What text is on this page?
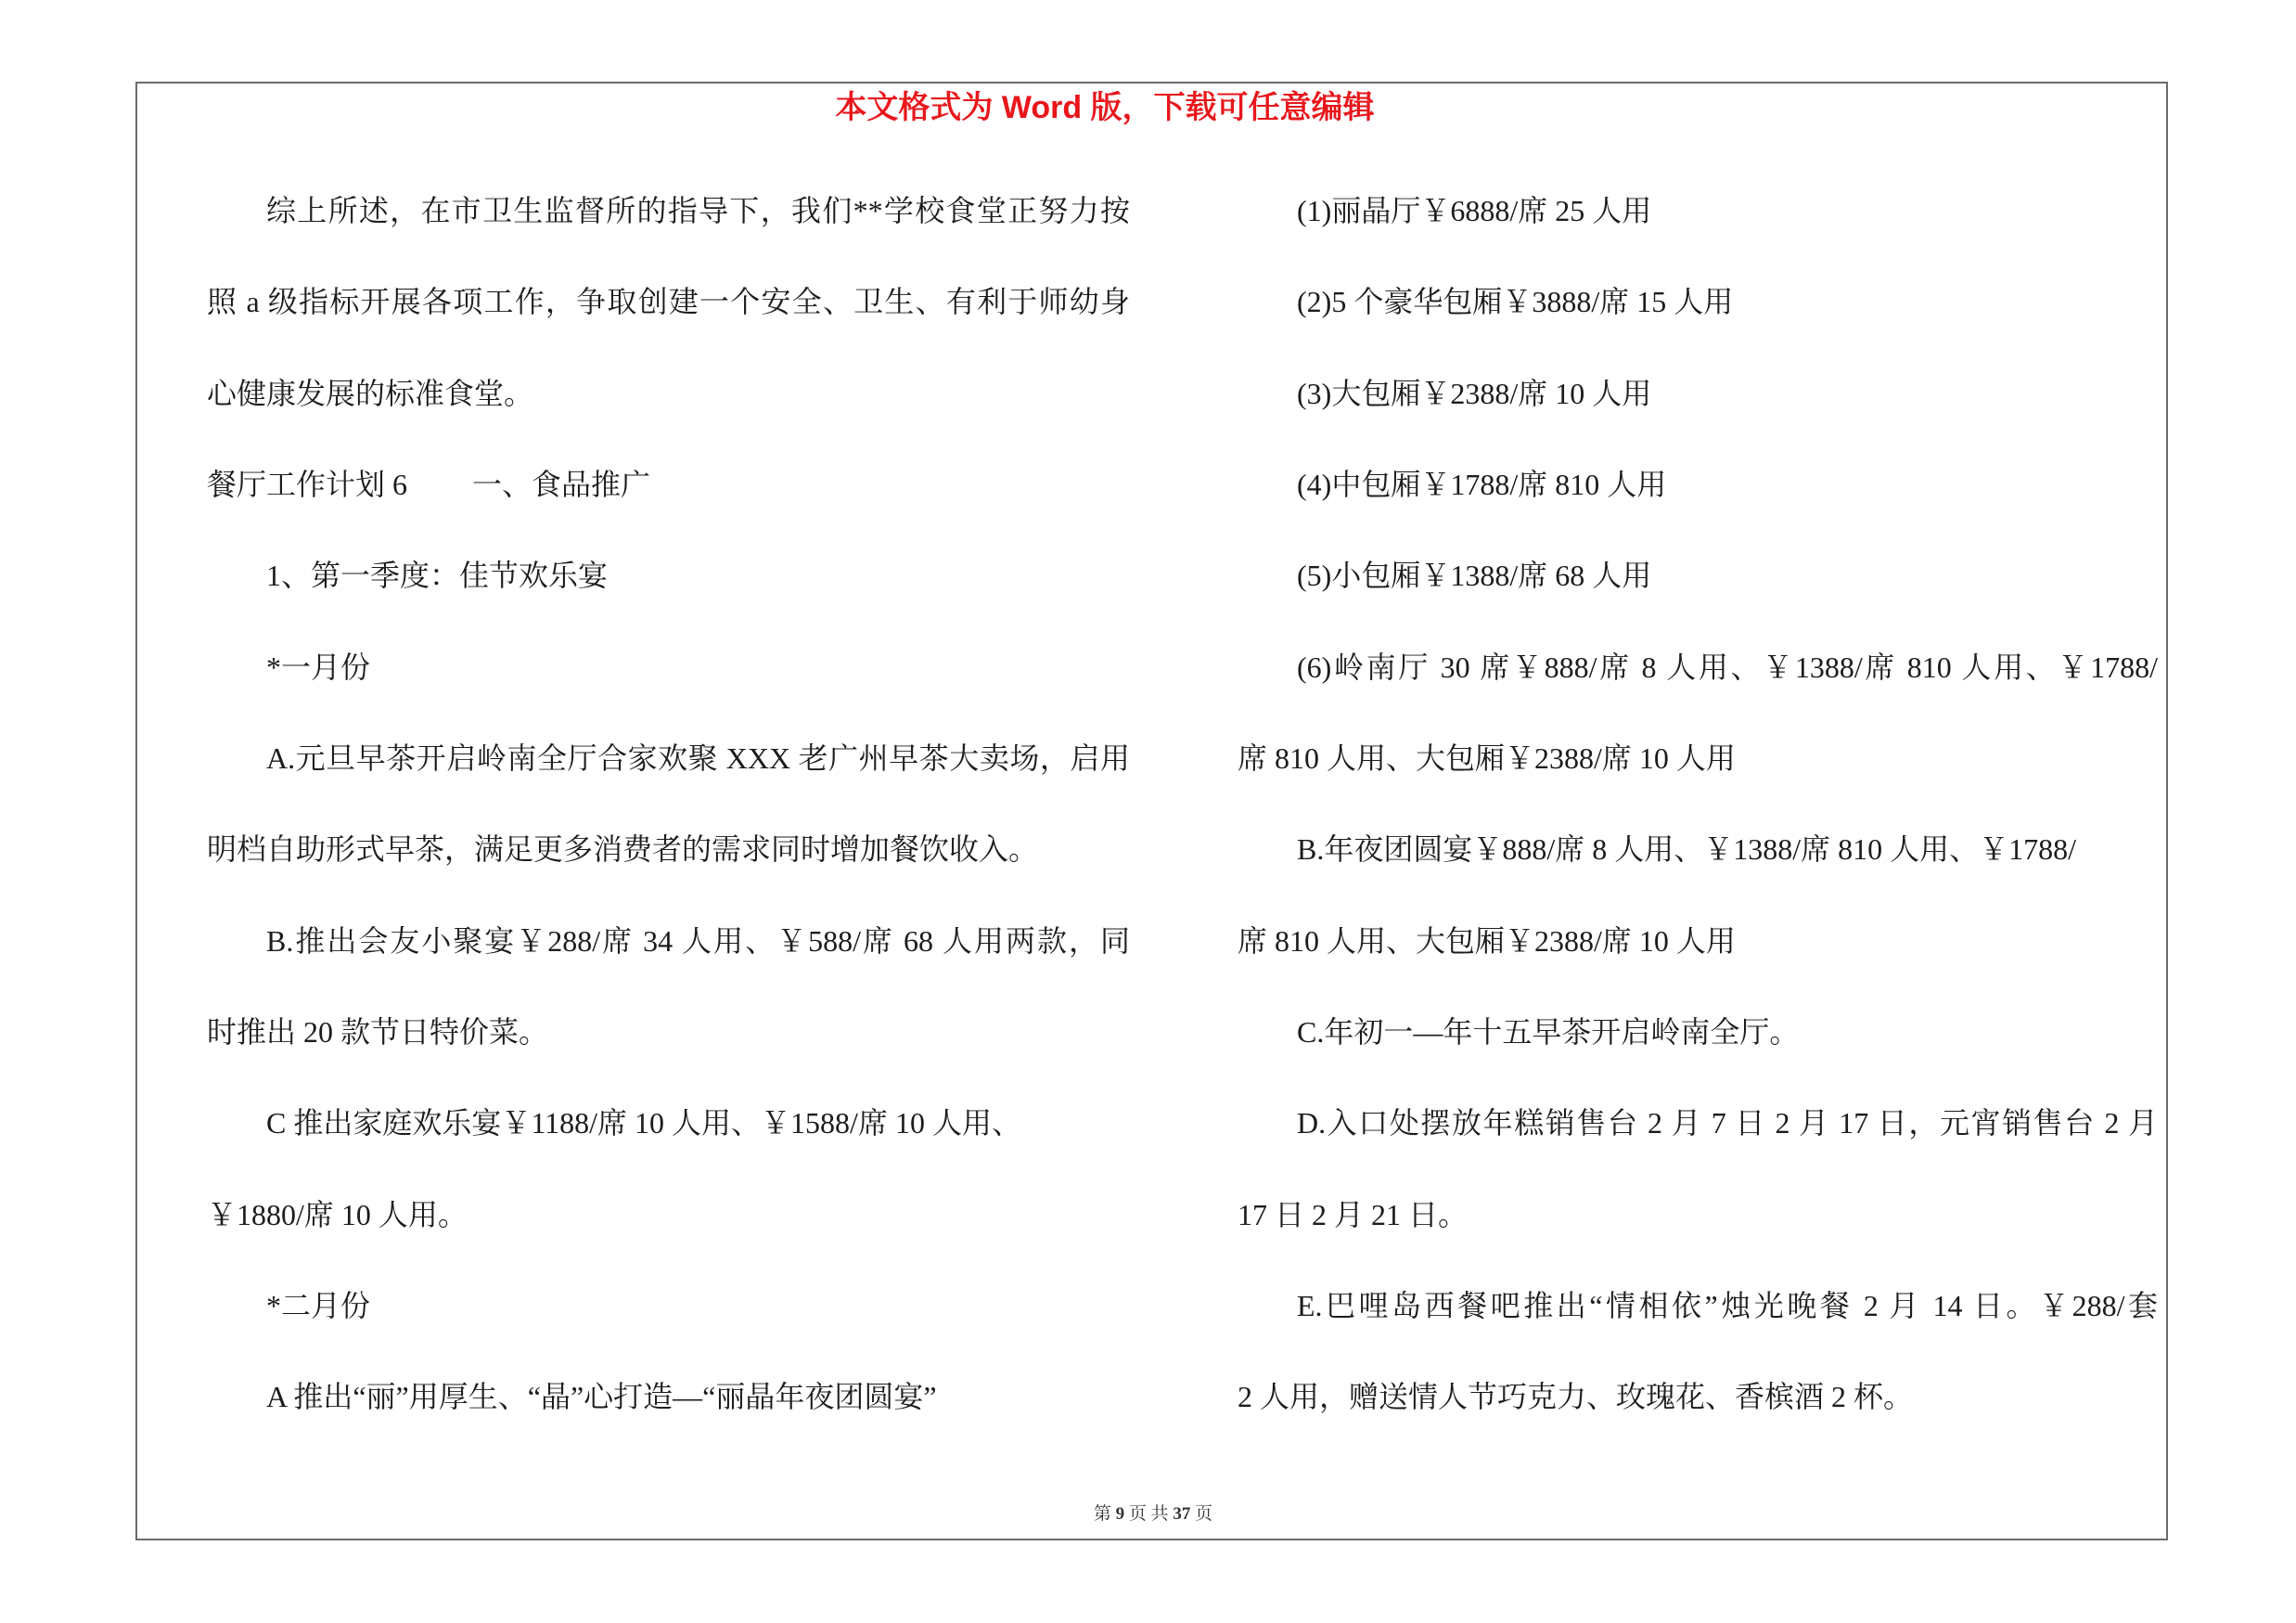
本文格式为 Word 版，下载可任意编辑
综上所述，在市卫生监督所的指导下，我们**学校食堂正努力按
照 a 级指标开展各项工作，争取创建一个安全、卫生、有利于师幼身
心健康发展的标准食堂。
餐厅工作计划 6 一、食品推广
1、第一季度：佳节欢乐宴
*一月份
A.元旦早茶开启岭南全厅合家欢聚 XXX 老广州早茶大卖场，启用
明档自助形式早茶，满足更多消费者的需求同时增加餐饮收入。
B.推出会友小聚宴￥288/席 34 人用、￥588/席 68 人用两款，同
时推出 20 款节日特价菜。
C 推出家庭欢乐宴￥1188/席 10 人用、￥1588/席 10 人用、
￥1880/席 10 人用。
*二月份
A 推出“丽”用厚生、“晶”心打造—“丽晶年夜团圆宴”
(1)丽晶厅￥6888/席 25 人用
(2)5 个豪华包厢￥3888/席 15 人用
(3)大包厢￥2388/席 10 人用
(4)中包厢￥1788/席 810 人用
(5)小包厢￥1388/席 68 人用
(6)岭南厅 30 席￥888/席 8 人用、￥1388/席 810 人用、￥1788/
席 810 人用、大包厢￥2388/席 10 人用
B.年夜团圆宴￥888/席 8 人用、￥1388/席 810 人用、￥1788/
席 810 人用、大包厢￥2388/席 10 人用
C.年初一—年十五早茶开启岭南全厅。
D.入口处摆放年糕销售台 2 月 7 日 2 月 17 日，元宵销售台 2 月
17 日 2 月 21 日。
E.巴哩岛西餐吧推出“情相依”烛光晚餐 2 月 14 日。￥288/套
2 人用，赠送情人节巧克力、玫瑰花、香槟酒 2 杯。
第 9 页 共 37 页
